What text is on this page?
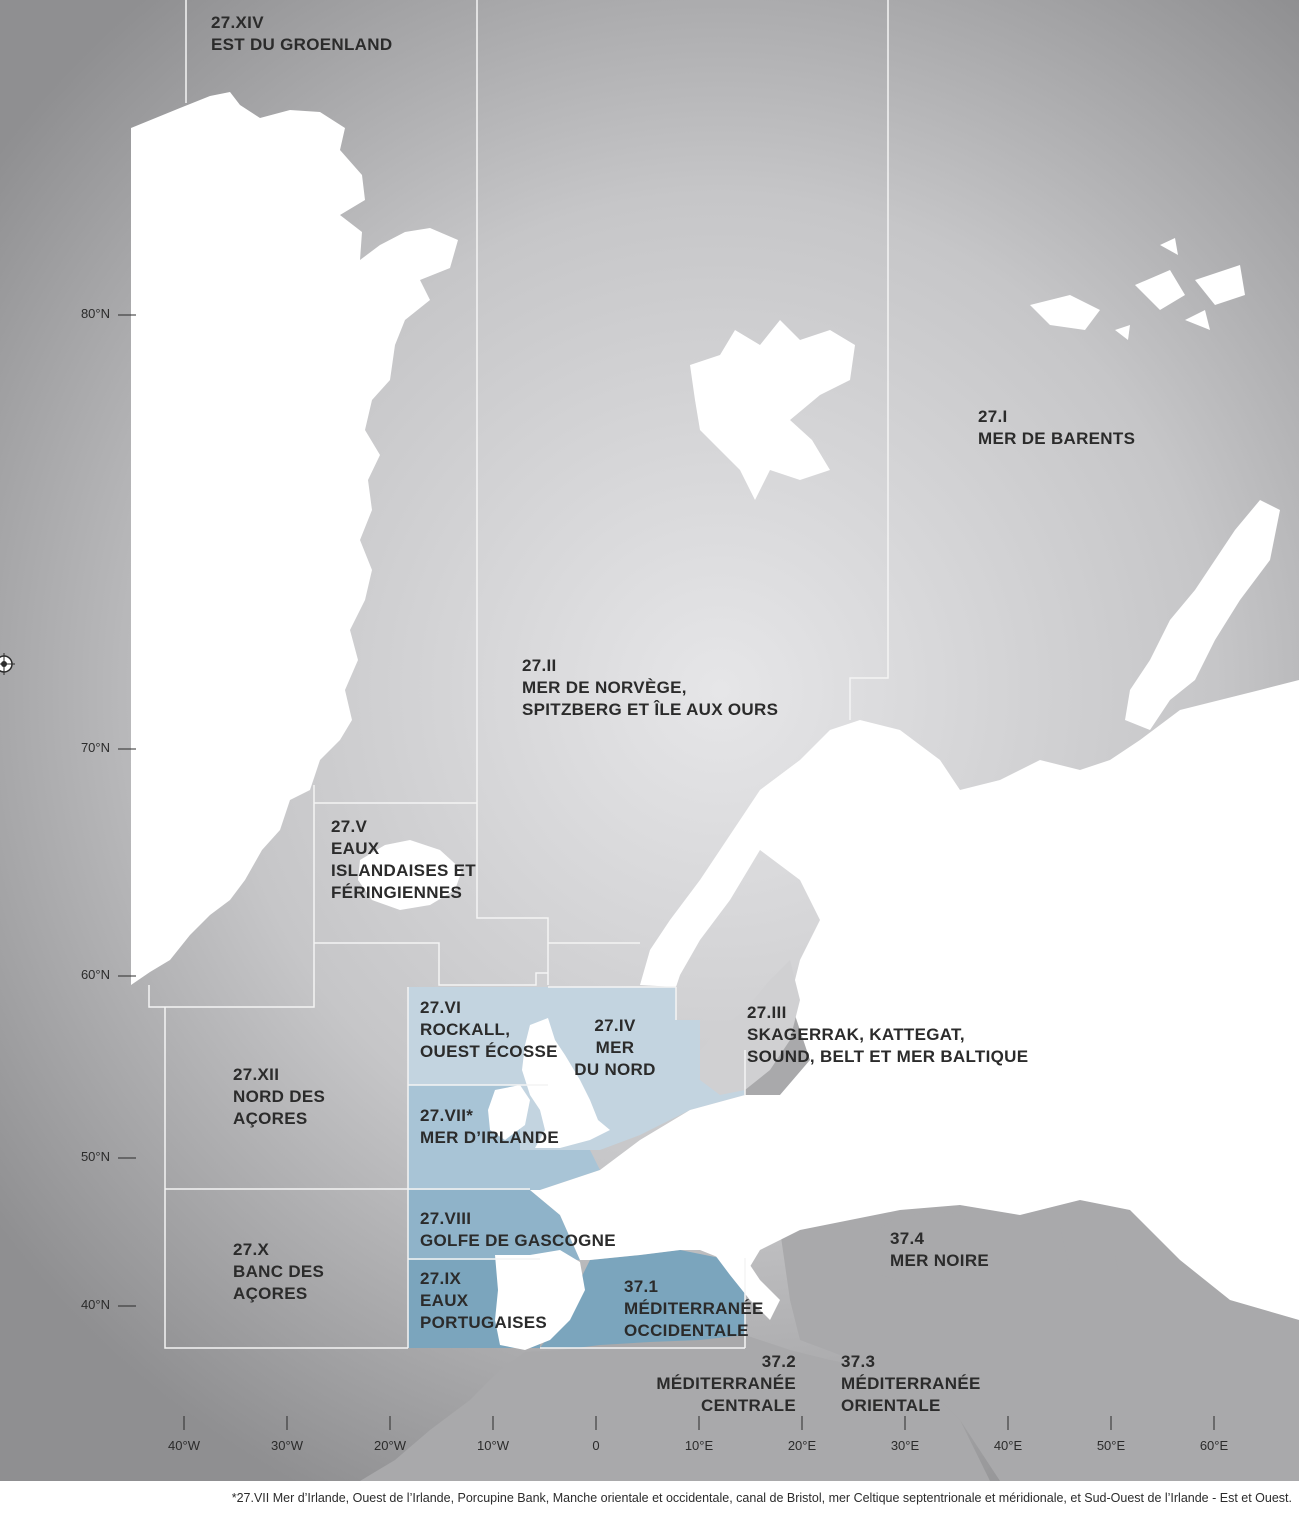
27.XIV
EST DU GROENLAND
27.I
MER DE BARENTS
27.II
MER DE NORVÈGE,
SPITZBERG ET ÎLE AUX OURS
27.V
EAUX
ISLANDAISES ET
FÉRINGIENNES
27.VI
ROCKALL,
OUEST ÉCOSSE
27.IV
MER
DU NORD
27.III
SKAGERRAK, KATTEGAT,
SOUND, BELT ET MER BALTIQUE
27.XII
NORD DES
AÇORES	27.VII*
MER D’IRLANDE
27.VIII
GOLFE DE GASCOGNE
27.X
BANC DES
AÇORES
27.IX
EAUX
PORTUGAISES
37.1
MÉDITERRANÉE
OCCIDENTALE
37.4
MER NOIRE
37.2
MÉDITERRANÉE
CENTRALE
37.3
MÉDITERRANÉE
ORIENTALE
80°N
70°N
60°N
50°N
40°N
40°W	30°W	20°W	10°W	0	10°E	20°E	30°E	40°E	50°E	60°E

*27.VII Mer d’Irlande, Ouest de l’Irlande, Porcupine Bank, Manche orientale et occidentale, canal de Bristol, mer Celtique septentrionale et méridionale, et Sud-Ouest de l’Irlande - Est et Ouest.
